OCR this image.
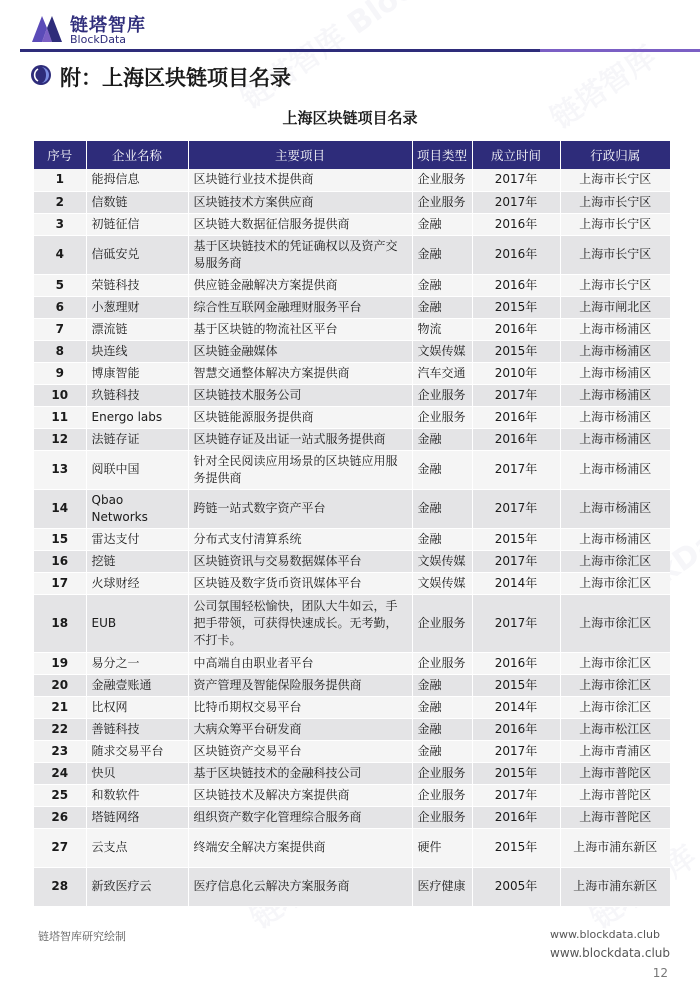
链塔智库
BlockData
附：上海区块链项目名录
上海区块链项目名录
序号	企业名称	主要项目	项目类型	成立时间	行政归属
1	能拇信息	区块链行业技术提供商	企业服务	2017年	上海市长宁区
2	信数链	区块链技术方案供应商	企业服务	2017年	上海市长宁区
3	初链征信	区块链大数据征信服务提供商	金融	2016年	上海市长宁区
4	信砥安兑	基于区块链技术的凭证确权以及资产交易服务商	金融	2016年	上海市长宁区
5	荣链科技	供应链金融解决方案提供商	金融	2016年	上海市长宁区
6	小葱理财	综合性互联网金融理财服务平台	金融	2015年	上海市闸北区
7	漂流链	基于区块链的物流社区平台	物流	2016年	上海市杨浦区
8	块连线	区块链金融媒体	文娱传媒	2015年	上海市杨浦区
9	博康智能	智慧交通整体解决方案提供商	汽车交通	2010年	上海市杨浦区
10	玖链科技	区块链技术服务公司	企业服务	2017年	上海市杨浦区
11	Energo labs	区块链能源服务提供商	企业服务	2016年	上海市杨浦区
12	法链存证	区块链存证及出证一站式服务提供商	金融	2016年	上海市杨浦区
13	阅联中国	针对全民阅读应用场景的区块链应用服务提供商	金融	2017年	上海市杨浦区
14	Qbao Networks	跨链一站式数字资产平台	金融	2017年	上海市杨浦区
15	雷达支付	分布式支付清算系统	金融	2015年	上海市杨浦区
16	挖链	区块链资讯与交易数据媒体平台	文娱传媒	2017年	上海市徐汇区
17	火球财经	区块链及数字货币资讯媒体平台	文娱传媒	2014年	上海市徐汇区
18	EUB	公司氛围轻松愉快，团队大牛如云，手把手带领，可获得快速成长。无考勤，不打卡。	企业服务	2017年	上海市徐汇区
19	易分之一	中高端自由职业者平台	企业服务	2016年	上海市徐汇区
20	金融壹账通	资产管理及智能保险服务提供商	金融	2015年	上海市徐汇区
21	比权网	比特币期权交易平台	金融	2014年	上海市徐汇区
22	善链科技	大病众筹平台研发商	金融	2016年	上海市松江区
23	随求交易平台	区块链资产交易平台	金融	2017年	上海市青浦区
24	快贝	基于区块链技术的金融科技公司	企业服务	2015年	上海市普陀区
25	和数软件	区块链技术及解决方案提供商	企业服务	2017年	上海市普陀区
26	塔链网络	组织资产数字化管理综合服务商	企业服务	2016年	上海市普陀区
27	云支点	终端安全解决方案提供商	硬件	2015年	上海市浦东新区
28	新致医疗云	医疗信息化云解决方案服务商	医疗健康	2005年	上海市浦东新区
链塔智库研究绘制	www.blockdata.club
www.blockdata.club
12
